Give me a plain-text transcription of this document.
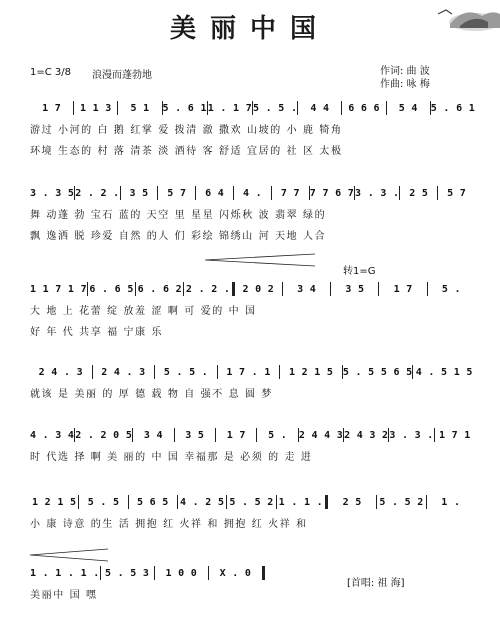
美丽中国
1=C 3/8 浪漫而蓬勃地	作词: 曲 波
作曲: 咏 梅
转1=G
[首唱: 祖 海]
1 7	1 1 3	5 1	5 . 6 1 1 . 1 7 5 . 5 .	4 4	6 6 6	5 4	5 . 6 1
游过 小河的 白 鹅 红掌 爱 拨清 澈 撒欢 山坡的 小 鹿 犄角
环境 生态的 村 落 清茶 淡 酒待 客 舒适 宜居的 社 区 太极
3 . 3 5 2 . 2 . 3 5	5 7	6 4	4 .	7 7 7 7 6 7 3 . 3 . 2 5	5 7
舞 动蓬 勃 宝石 蓝的 天空 里 星星 闪烁秋 波 翡翠 绿的
飘 逸洒 脱 珍爱 自然 的人 们 彩绘 锦绣山 河 天地 人合
1 1 7 1 7 6 . 6 5 6 . 6 2 2 . 2 .	2 0 2	3 4	3 5	1 7	5 .
大 地 上 花蕾 绽 放羞 涩 啊 可 爱的 中 国
好 年 代 共享 福 宁康 乐
2 4 . 3	2 4 . 3	5 . 5 .	1 7 . 1	1 2 1 5 5 . 5 5 6 5 4 . 5 1 5
就该 是 美丽 的 厚 德 载 物 自 强不 息 圆 梦
4 . 3 4 2 . 2 0 5	3 4	3 5	1 7	5 .	2 4 4 3 2 4 3 2 3 . 3 . 1 7 1
时 代选 择 啊 美 丽的 中 国 幸福那 是 必须 的 走 进
1 2 1 5	5 . 5	5 6 5	4 . 2 5 5 . 5 2 1 . 1 .	2 5	5 . 5 2	1 .
小 康 诗意 的生 活 拥抱 红 火祥 和 拥抱 红 火祥 和
1 . 1 . 1 . 5 . 5 3	1 0 0	X . 0
美丽中 国 嘿
